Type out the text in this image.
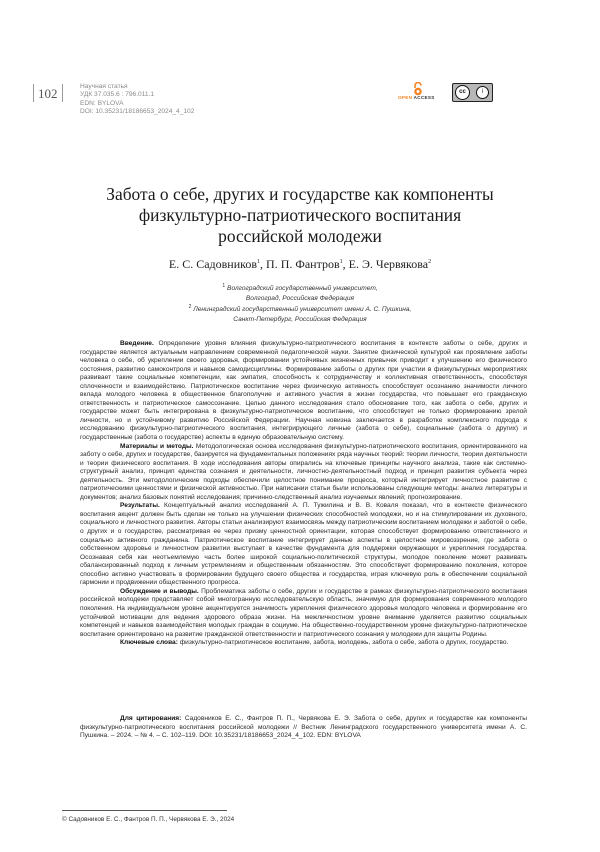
102	Научная статья
УДК 37.035.6 : 796.011.1
EDN: BYLOVA
DOI: 10.35231/18186653_2024_4_102
OPEN ACCESS
cc	i
Забота о себе, других и государстве как компоненты
физкультурно-патриотического воспитания
российской молодежи
Е. С. Садовников$^1$, П. П. Фантров$^1$, Е. Э. Червякова$^2$
$^1$ Волгоградский государственный университет,
Волгоград, Российская Федерация
$^2$ Ленинградский государственный университет имени А. С. Пушкина,
Санкт-Петербург, Российская Федерация

Введение. Определение уровня влияния физкультурно-патриотического воспитания в контексте заботы о себе, других и государстве является актуальным направлением современной педагогической науки. Занятие физической культурой как проявление заботы человека о себе, об укреплении своего здоровья, формировании устойчивых жизненных привычек приводит к улучшению его физического состояния, развитию самоконтроля и навыков самодисциплины. Формирование заботы о других при участии в физкультурных мероприятиях развивает такие социальные компетенции, как эмпатия, способность к сотрудничеству и коллективная ответственность, способствуя сплоченности и взаимодействию. Патриотическое воспитание через физическую активность способствует осознанию значимости личного вклада молодого человека в общественное благополучие и активного участия в жизни государства, что повышает его гражданскую ответственность и патриотическое самосознание. Целью данного исследования стало обоснование того, как забота о себе, других и государстве может быть интегрирована в физкультурно-патриотическое воспитание, что способствует не только формированию зрелой личности, но и устойчивому развитию Российской Федерации. Научная новизна заключается в разработке комплексного подхода к исследованию физкультурно-патриотического воспитания, интегрирующего личные (забота о себе), социальные (забота о других) и государственные (забота о государстве) аспекты в единую образовательную систему.

Материалы и методы. Методологическая основа исследования физкультурно-патриотического воспитания, ориентированного на заботу о себе, других и государстве, базируется на фундаментальных положениях ряда научных теорий: теории личности, теории деятельности и теории физического воспитания. В ходе исследования авторы опирались на ключевые принципы научного анализа, такие как системно-структурный анализ, принцип единства сознания и деятельности, личностно-деятельностный подход и принцип развития субъекта через деятельность. Эти методологические подходы обеспечили целостное понимание процесса, который интегрирует личностное развитие с патриотическими ценностями и физической активностью. При написании статьи были использованы следующие методы: анализ литературы и документов; анализ базовых понятий исследования; причинно-следственный анализ изучаемых явлений; прогнозирование.

Результаты. Концептуальный анализ исследований А. П. Тужилина и В. В. Коваля показал, что в контексте физического воспитания акцент должен быть сделан не только на улучшении физических способностей молодежи, но и на стимулировании их духовного, социального и личностного развития. Авторы статьи анализируют взаимосвязь между патриотическим воспитанием молодежи и заботой о себе, о других и о государстве, рассматривая ее через призму ценностной ориентации, которая способствует формированию ответственного и социально активного гражданина. Патриотическое воспитание интегрирует данные аспекты в целостное мировоззрение, где забота о собственном здоровье и личностном развитии выступает в качестве фундамента для поддержки окружающих и укрепления государства. Осознавая себя как неотъемлемую часть более широкой социально-политической структуры, молодое поколение может развивать сбалансированный подход к личным устремлениям и общественным обязанностям. Это способствует формированию поколения, которое способно активно участвовать в формировании будущего своего общества и государства, играя ключевую роль в обеспечении социальной гармонии и продвижении общественного прогресса.

Обсуждение и выводы. Проблематика заботы о себе, других и государстве в рамках физкультурно-патриотического воспитания российской молодежи представляет собой многогранную исследовательскую область, значимую для формирования современного молодого поколения. На индивидуальном уровне акцентируется значимость укрепления физического здоровья молодого человека и формирование его устойчивой мотивации для ведения здорового образа жизни. На межличностном уровне внимание уделяется развитию социальных компетенций и навыков взаимодействия молодых граждан в социуме. На общественно-государственном уровне физкультурно-патриотическое воспитание ориентировано на развитие гражданской ответственности и патриотического сознания у молодежи для защиты Родины.

Ключевые слова: физкультурно-патриотическое воспитание, забота, молодежь, забота о себе, забота о других, государство.

Для цитирования: Садовников Е. С., Фантров П. П., Червякова Е. Э. Забота о себе, других и государстве как компоненты физкультурно-патриотического воспитания российской молодежи // Вестник Ленинградского государственного университета имени А. С. Пушкина. – 2024. – № 4. – С. 102–119. DOI: 10.35231/18186653_2024_4_102. EDN: BYLOVA

© Садовников Е. С., Фантров П. П., Червякова Е. Э., 2024
